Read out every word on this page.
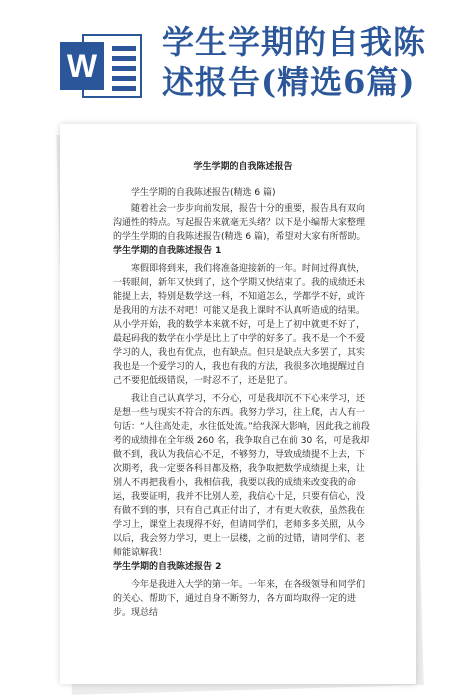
W
学生学期的自我陈
述报告(精选6篇)
学生学期的自我陈述报告

学生学期的自我陈述报告(精选 6 篇)

随着社会一步步向前发展，报告十分的重要，报告具有双向沟通性的特点。写起报告来就毫无头绪？以下是小编帮大家整理的学生学期的自我陈述报告(精选 6 篇)，希望对大家有所帮助。

学生学期的自我陈述报告 1

寒假即将到来，我们将准备迎接新的一年。时间过得真快，一转眼间，新年又快到了，这个学期又快结束了。我的成绩还未能提上去，特别是数学这一科，不知道怎么，学都学不好，或许是我用的方法不对吧！可能又是我上课时不认真听造成的结果。从小学开始，我的数学本来就不好，可是上了初中就更不好了，最起码我的数学在小学是比上了中学的好多了。我不是一个不爱学习的人，我也有优点，也有缺点。但只是缺点大多罢了，其实我也是一个爱学习的人，我也有我的方法，我很多次地提醒过自己不要犯低级错误，一时忍不了，还是犯了。

我让自己认真学习，不分心，可是我却沉不下心来学习，还是想一些与现实不符合的东西。我努力学习，往上爬，古人有一句话：“人往高处走，水往低处流。”给我深大影响，因此我之前段考的成绩排在全年级 260 名，我争取自己在前 30 名，可是我却做不到，我认为我信心不足，不够努力，导致成绩提不上去，下次期考，我一定要各科目都及格，我争取把数学成绩提上来，让别人不再把我看小，我相信我，我要以我的成绩来改变我的命运，我要证明，我并不比别人差，我信心十足，只要有信心，没有做不到的事，只有自己真正付出了，才有更大收获，虽然我在学习上，课堂上表现得不好，但请同学们，老师多多关照，从今以后，我会努力学习，更上一层楼，之前的过错，请同学们、老师能谅解我！

学生学期的自我陈述报告 2

今年是我进入大学的第一年。一年来，在各级领导和同学们的关心、帮助下，通过自身不断努力，各方面均取得一定的进步。现总结
